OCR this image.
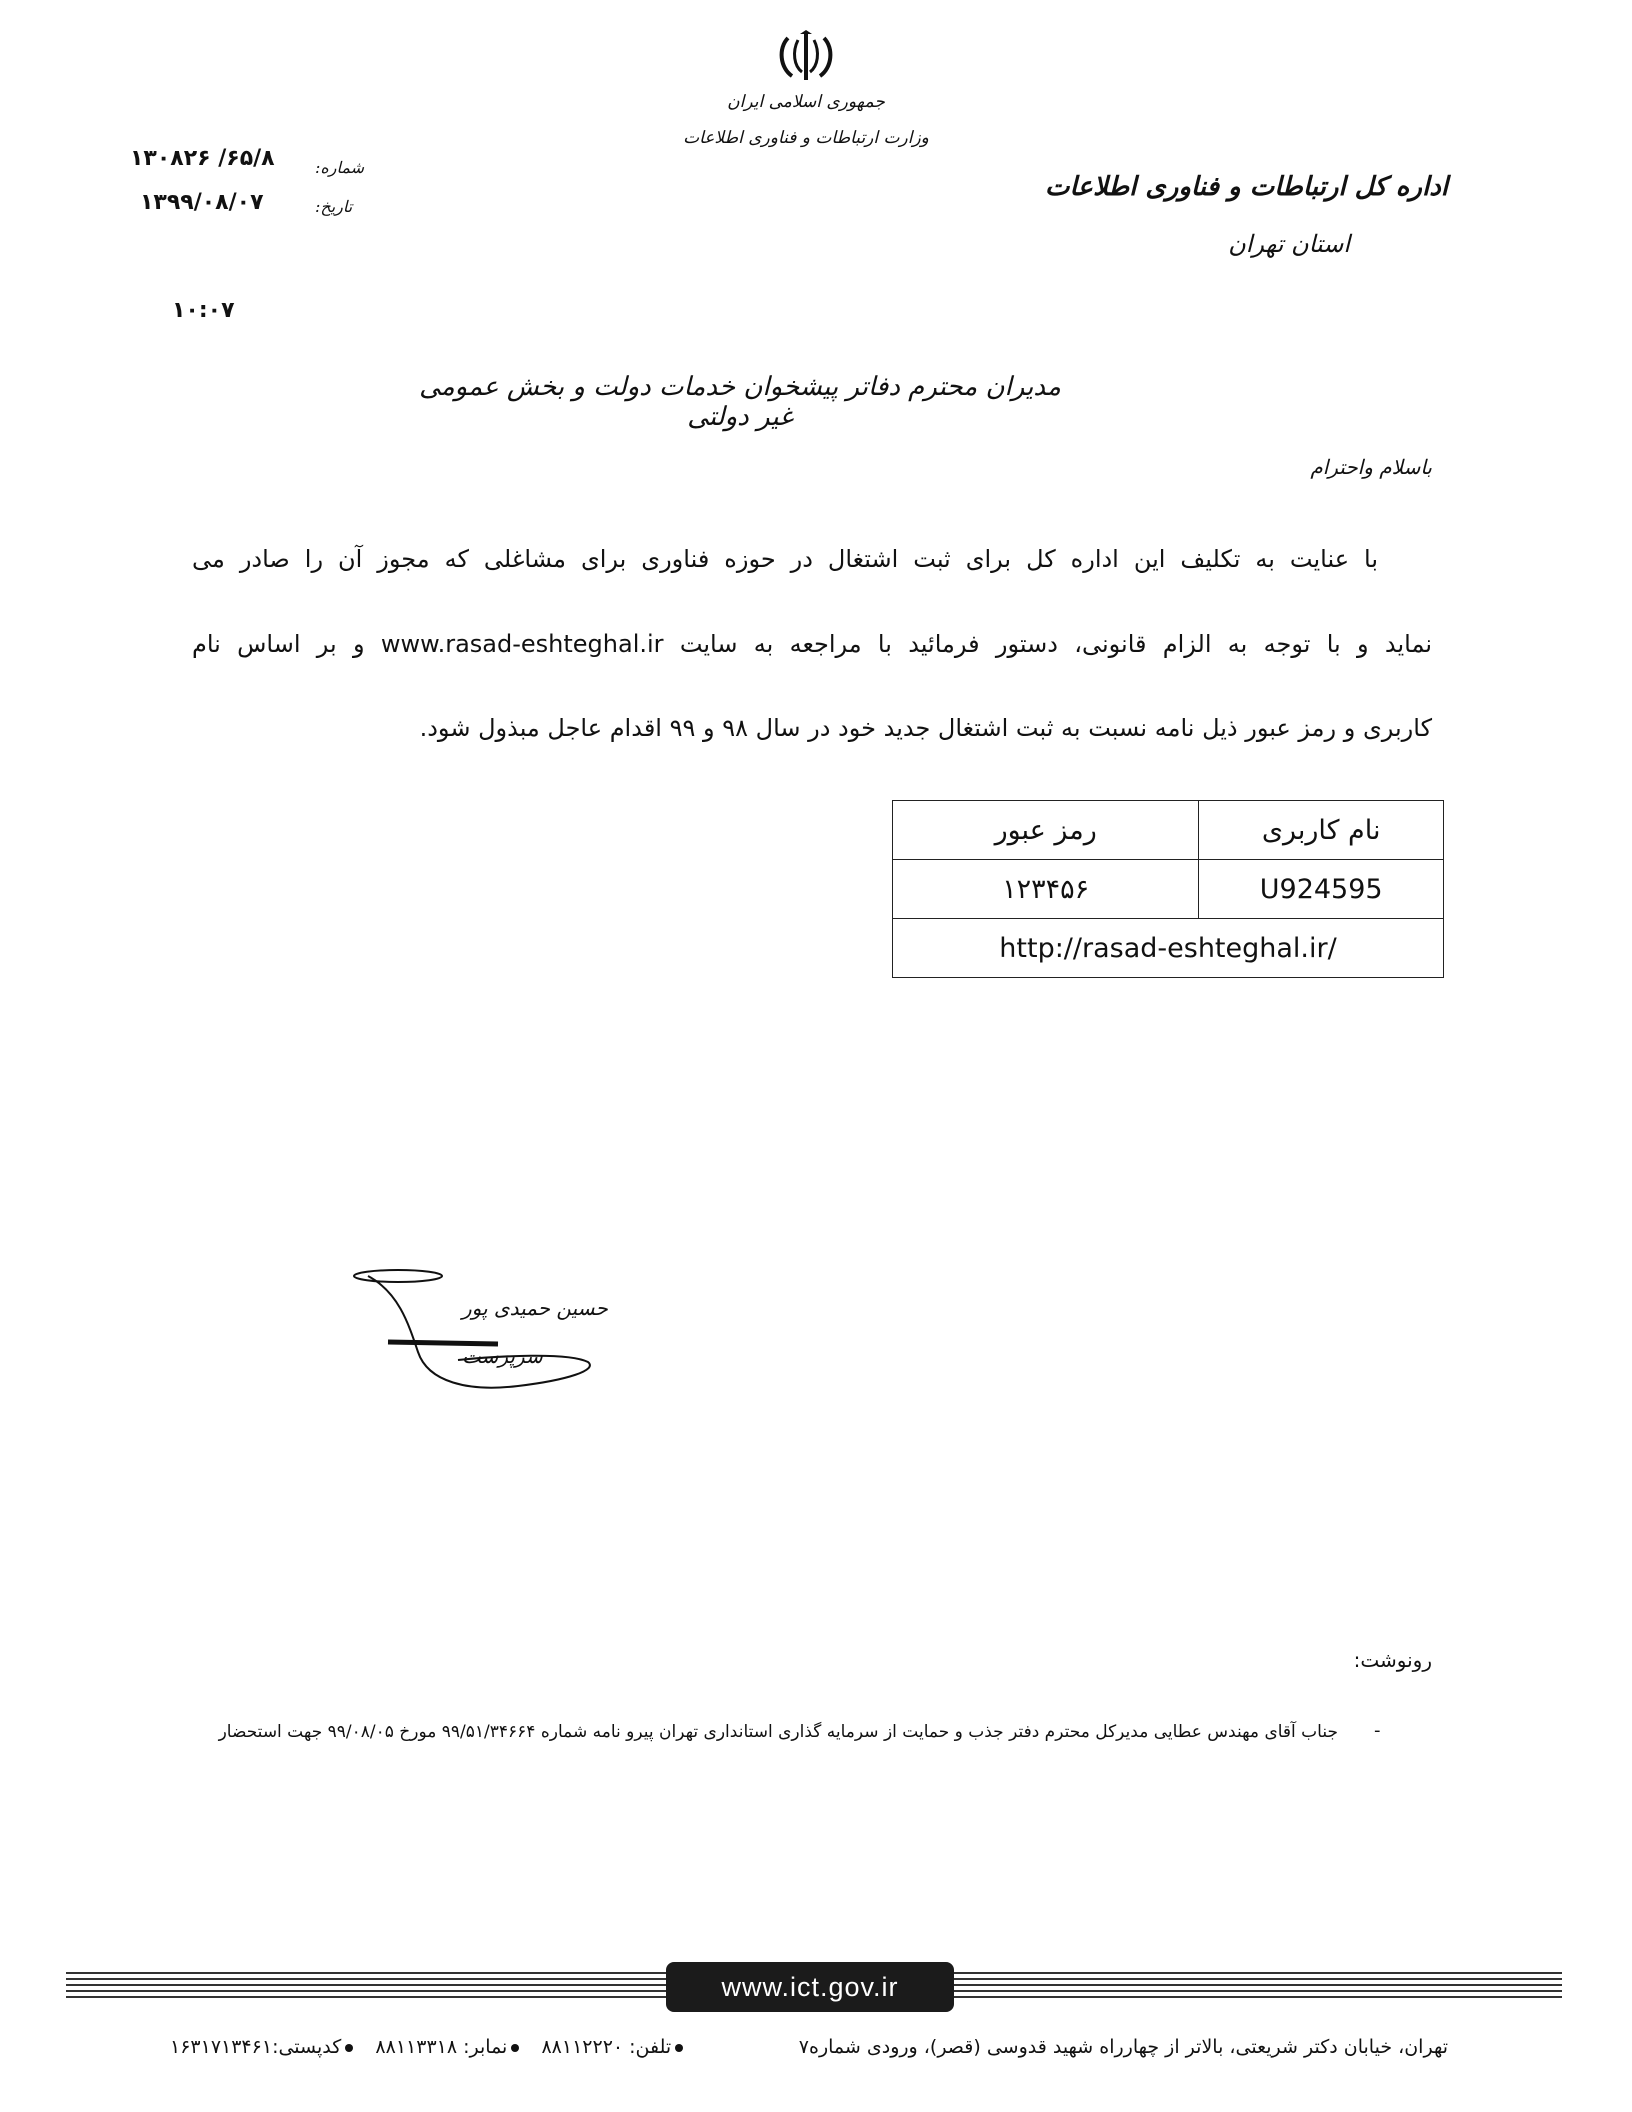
جمهوری اسلامی ایران
وزارت ارتباطات و فناوری اطلاعات
شماره:
تاریخ:
۶۵/۸/ ۱۳۰۸۲۶
۱۳۹۹/۰۸/۰۷
۱۰:۰۷
اداره کل ارتباطات و فناوری اطلاعات
استان تهران
مدیران محترم دفاتر پیشخوان خدمات دولت و بخش عمومی غیر دولتی
باسلام واحترام
با عنایت به تکلیف این اداره کل برای ثبت اشتغال در حوزه فناوری برای مشاغلی که مجوز آن را صادر می
نماید و با توجه به الزام قانونی، دستور فرمائید با مراجعه به سایت www.rasad-eshteghal.ir و بر اساس نام
کاربری و رمز عبور ذیل نامه نسبت به ثبت اشتغال جدید خود در سال ۹۸ و ۹۹ اقدام عاجل مبذول شود.
نام کاربری	رمز عبور
U924595	۱۲۳۴۵۶
http://rasad-eshteghal.ir/	
حسین حمیدی پور
سرپرست
رونوشت:
-
جناب آقای مهندس عطایی مدیرکل محترم دفتر جذب و حمایت از سرمایه گذاری استانداری تهران پیرو نامه شماره ۹۹/۵۱/۳۴۶۶۴ مورخ ۹۹/۰۸/۰۵ جهت استحضار
www.ict.gov.ir
تهران، خیابان دکتر شریعتی، بالاتر از چهارراه شهید قدوسی (قصر)، ورودی شماره۷
تلفن: ۸۸۱۱۲۲۲۰   نمابر: ۸۸۱۱۳۳۱۸   کدپستی:۱۶۳۱۷۱۳۴۶۱
